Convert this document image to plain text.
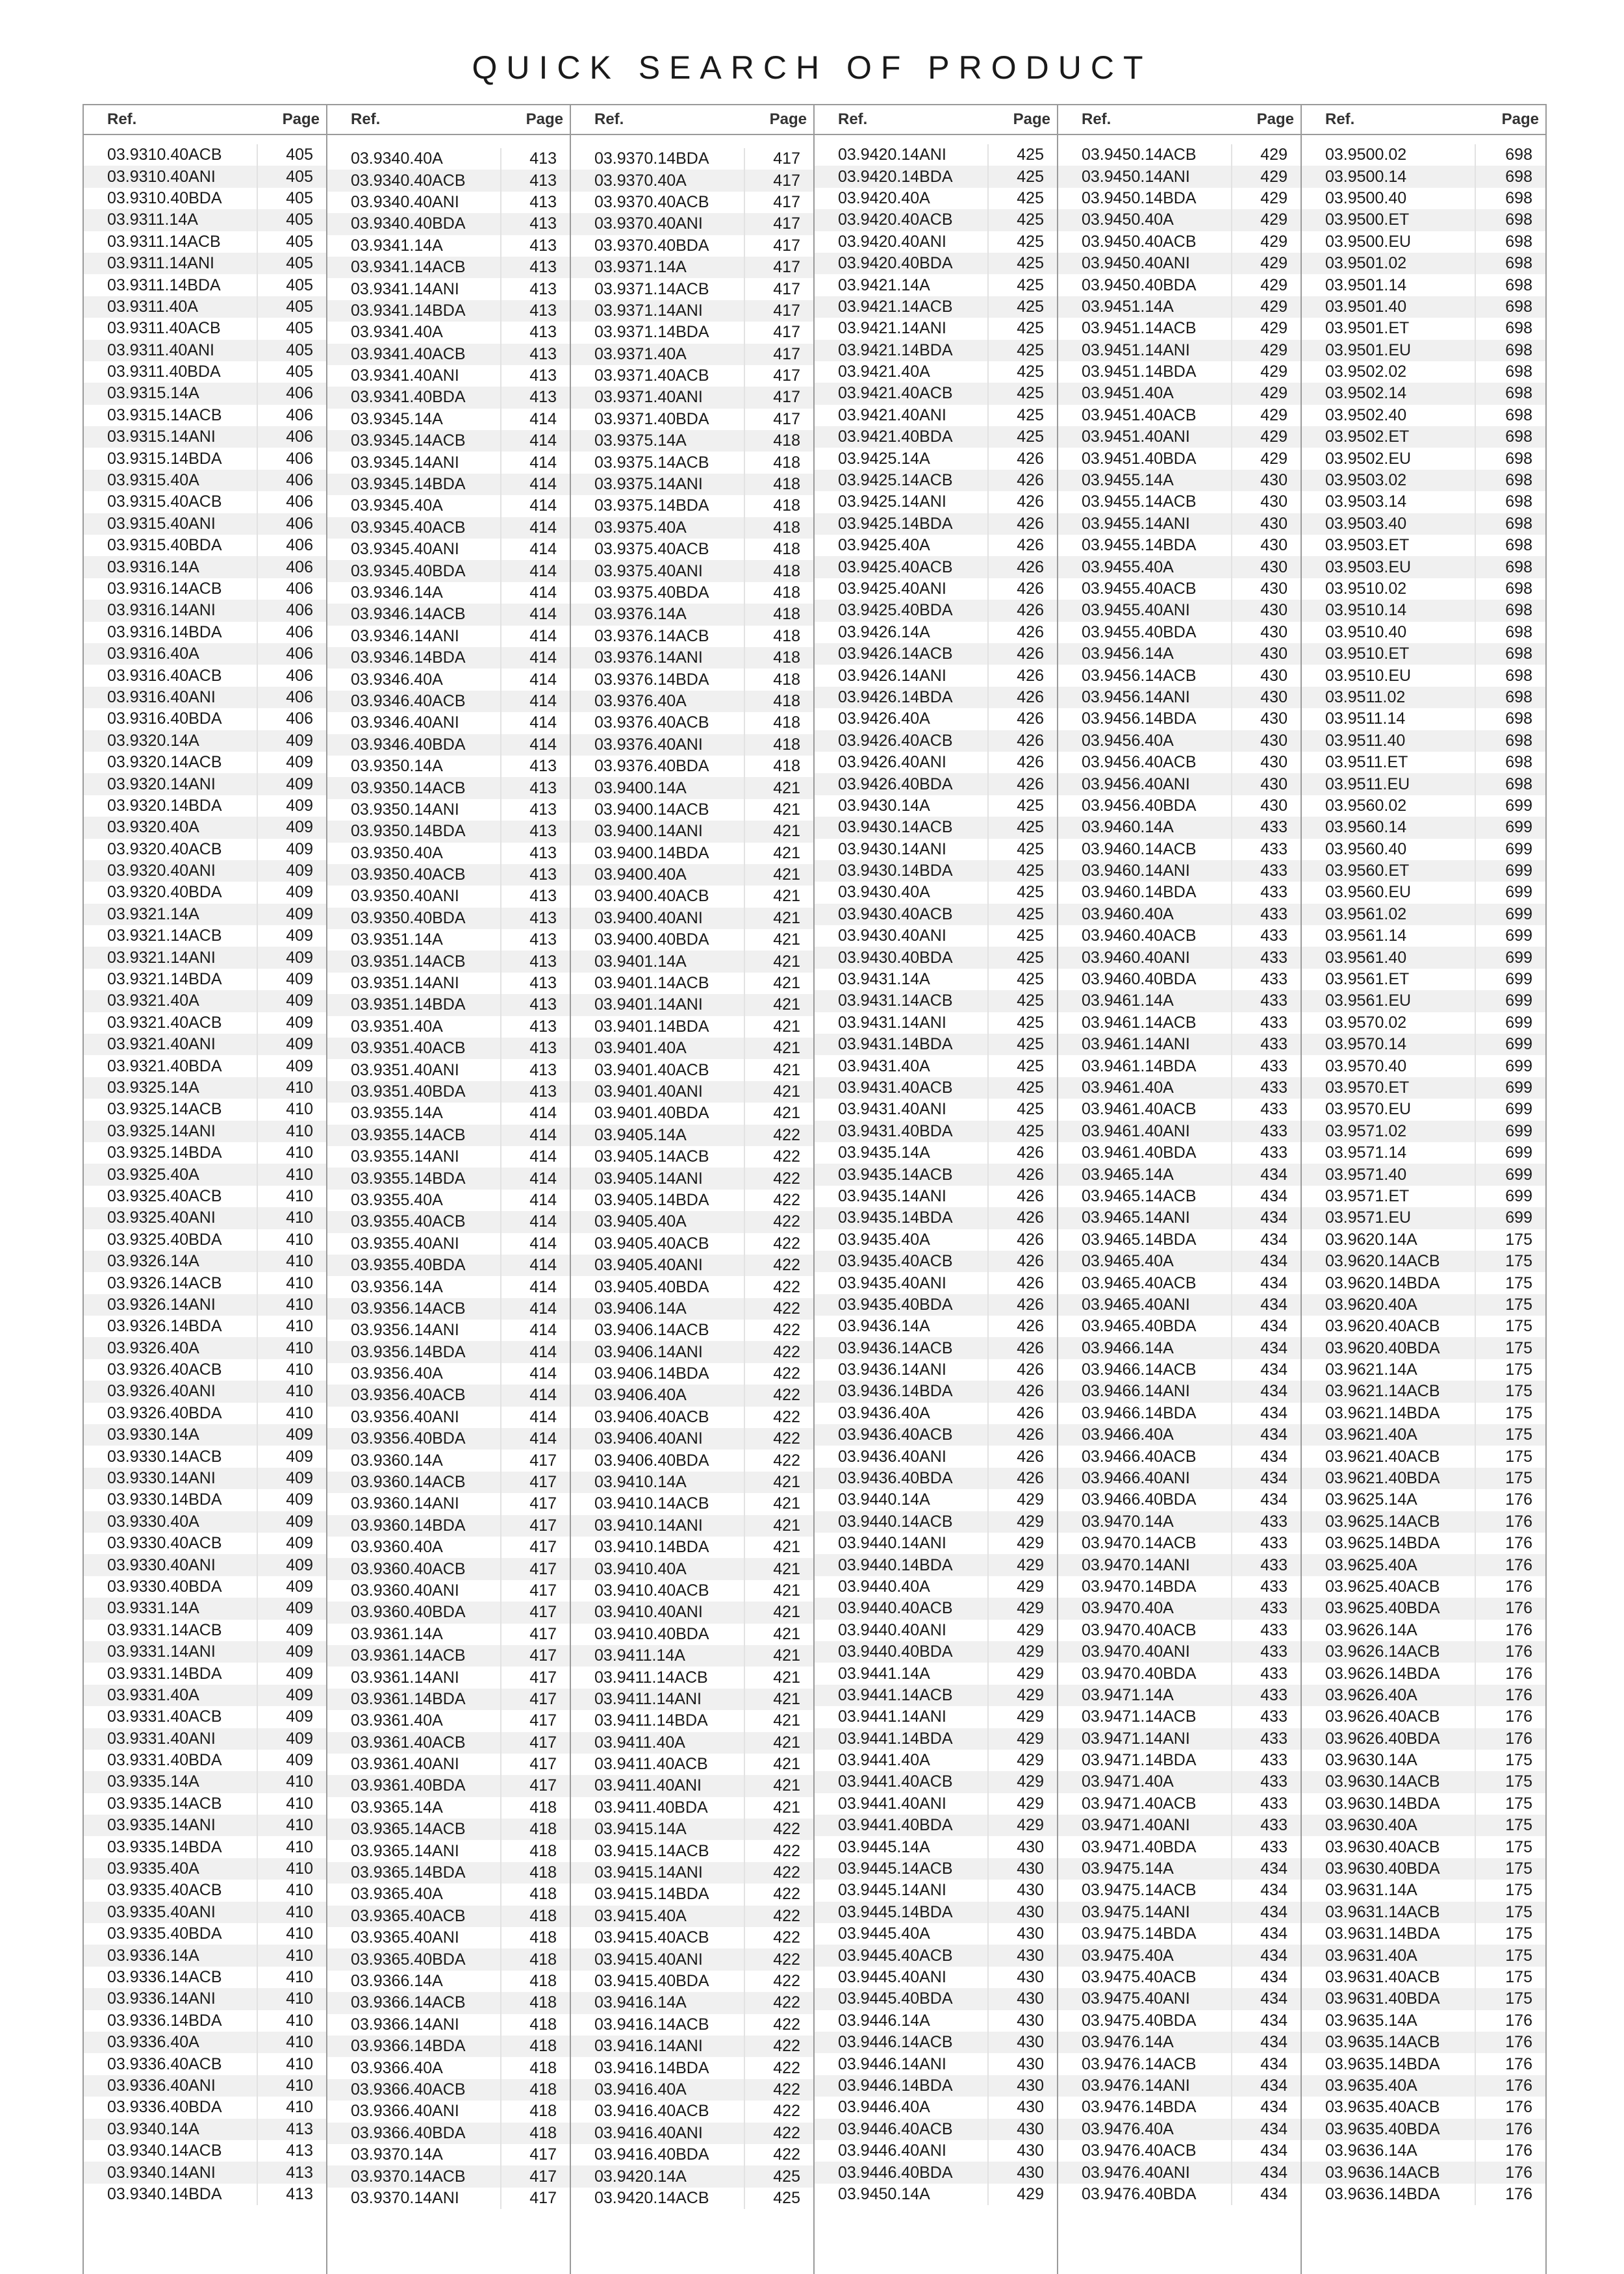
QUICK SEARCH OF PRODUCT
Ref.	Page
03.9310.40ACB	405
03.9310.40ANI	405
03.9310.40BDA	405
03.9311.14A	405
03.9311.14ACB	405
03.9311.14ANI	405
03.9311.14BDA	405
03.9311.40A	405
03.9311.40ACB	405
03.9311.40ANI	405
03.9311.40BDA	405
03.9315.14A	406
03.9315.14ACB	406
03.9315.14ANI	406
03.9315.14BDA	406
03.9315.40A	406
03.9315.40ACB	406
03.9315.40ANI	406
03.9315.40BDA	406
03.9316.14A	406
03.9316.14ACB	406
03.9316.14ANI	406
03.9316.14BDA	406
03.9316.40A	406
03.9316.40ACB	406
03.9316.40ANI	406
03.9316.40BDA	406
03.9320.14A	409
03.9320.14ACB	409
03.9320.14ANI	409
03.9320.14BDA	409
03.9320.40A	409
03.9320.40ACB	409
03.9320.40ANI	409
03.9320.40BDA	409
03.9321.14A	409
03.9321.14ACB	409
03.9321.14ANI	409
03.9321.14BDA	409
03.9321.40A	409
03.9321.40ACB	409
03.9321.40ANI	409
03.9321.40BDA	409
03.9325.14A	410
03.9325.14ACB	410
03.9325.14ANI	410
03.9325.14BDA	410
03.9325.40A	410
03.9325.40ACB	410
03.9325.40ANI	410
03.9325.40BDA	410
03.9326.14A	410
03.9326.14ACB	410
03.9326.14ANI	410
03.9326.14BDA	410
03.9326.40A	410
03.9326.40ACB	410
03.9326.40ANI	410
03.9326.40BDA	410
03.9330.14A	409
03.9330.14ACB	409
03.9330.14ANI	409
03.9330.14BDA	409
03.9330.40A	409
03.9330.40ACB	409
03.9330.40ANI	409
03.9330.40BDA	409
03.9331.14A	409
03.9331.14ACB	409
03.9331.14ANI	409
03.9331.14BDA	409
03.9331.40A	409
03.9331.40ACB	409
03.9331.40ANI	409
03.9331.40BDA	409
03.9335.14A	410
03.9335.14ACB	410
03.9335.14ANI	410
03.9335.14BDA	410
03.9335.40A	410
03.9335.40ACB	410
03.9335.40ANI	410
03.9335.40BDA	410
03.9336.14A	410
03.9336.14ACB	410
03.9336.14ANI	410
03.9336.14BDA	410
03.9336.40A	410
03.9336.40ACB	410
03.9336.40ANI	410
03.9336.40BDA	410
03.9340.14A	413
03.9340.14ACB	413
03.9340.14ANI	413
03.9340.14BDA	413
Ref.	Page
03.9340.40A	413
03.9340.40ACB	413
03.9340.40ANI	413
03.9340.40BDA	413
03.9341.14A	413
03.9341.14ACB	413
03.9341.14ANI	413
03.9341.14BDA	413
03.9341.40A	413
03.9341.40ACB	413
03.9341.40ANI	413
03.9341.40BDA	413
03.9345.14A	414
03.9345.14ACB	414
03.9345.14ANI	414
03.9345.14BDA	414
03.9345.40A	414
03.9345.40ACB	414
03.9345.40ANI	414
03.9345.40BDA	414
03.9346.14A	414
03.9346.14ACB	414
03.9346.14ANI	414
03.9346.14BDA	414
03.9346.40A	414
03.9346.40ACB	414
03.9346.40ANI	414
03.9346.40BDA	414
03.9350.14A	413
03.9350.14ACB	413
03.9350.14ANI	413
03.9350.14BDA	413
03.9350.40A	413
03.9350.40ACB	413
03.9350.40ANI	413
03.9350.40BDA	413
03.9351.14A	413
03.9351.14ACB	413
03.9351.14ANI	413
03.9351.14BDA	413
03.9351.40A	413
03.9351.40ACB	413
03.9351.40ANI	413
03.9351.40BDA	413
03.9355.14A	414
03.9355.14ACB	414
03.9355.14ANI	414
03.9355.14BDA	414
03.9355.40A	414
03.9355.40ACB	414
03.9355.40ANI	414
03.9355.40BDA	414
03.9356.14A	414
03.9356.14ACB	414
03.9356.14ANI	414
03.9356.14BDA	414
03.9356.40A	414
03.9356.40ACB	414
03.9356.40ANI	414
03.9356.40BDA	414
03.9360.14A	417
03.9360.14ACB	417
03.9360.14ANI	417
03.9360.14BDA	417
03.9360.40A	417
03.9360.40ACB	417
03.9360.40ANI	417
03.9360.40BDA	417
03.9361.14A	417
03.9361.14ACB	417
03.9361.14ANI	417
03.9361.14BDA	417
03.9361.40A	417
03.9361.40ACB	417
03.9361.40ANI	417
03.9361.40BDA	417
03.9365.14A	418
03.9365.14ACB	418
03.9365.14ANI	418
03.9365.14BDA	418
03.9365.40A	418
03.9365.40ACB	418
03.9365.40ANI	418
03.9365.40BDA	418
03.9366.14A	418
03.9366.14ACB	418
03.9366.14ANI	418
03.9366.14BDA	418
03.9366.40A	418
03.9366.40ACB	418
03.9366.40ANI	418
03.9366.40BDA	418
03.9370.14A	417
03.9370.14ACB	417
03.9370.14ANI	417
Ref.	Page
03.9370.14BDA	417
03.9370.40A	417
03.9370.40ACB	417
03.9370.40ANI	417
03.9370.40BDA	417
03.9371.14A	417
03.9371.14ACB	417
03.9371.14ANI	417
03.9371.14BDA	417
03.9371.40A	417
03.9371.40ACB	417
03.9371.40ANI	417
03.9371.40BDA	417
03.9375.14A	418
03.9375.14ACB	418
03.9375.14ANI	418
03.9375.14BDA	418
03.9375.40A	418
03.9375.40ACB	418
03.9375.40ANI	418
03.9375.40BDA	418
03.9376.14A	418
03.9376.14ACB	418
03.9376.14ANI	418
03.9376.14BDA	418
03.9376.40A	418
03.9376.40ACB	418
03.9376.40ANI	418
03.9376.40BDA	418
03.9400.14A	421
03.9400.14ACB	421
03.9400.14ANI	421
03.9400.14BDA	421
03.9400.40A	421
03.9400.40ACB	421
03.9400.40ANI	421
03.9400.40BDA	421
03.9401.14A	421
03.9401.14ACB	421
03.9401.14ANI	421
03.9401.14BDA	421
03.9401.40A	421
03.9401.40ACB	421
03.9401.40ANI	421
03.9401.40BDA	421
03.9405.14A	422
03.9405.14ACB	422
03.9405.14ANI	422
03.9405.14BDA	422
03.9405.40A	422
03.9405.40ACB	422
03.9405.40ANI	422
03.9405.40BDA	422
03.9406.14A	422
03.9406.14ACB	422
03.9406.14ANI	422
03.9406.14BDA	422
03.9406.40A	422
03.9406.40ACB	422
03.9406.40ANI	422
03.9406.40BDA	422
03.9410.14A	421
03.9410.14ACB	421
03.9410.14ANI	421
03.9410.14BDA	421
03.9410.40A	421
03.9410.40ACB	421
03.9410.40ANI	421
03.9410.40BDA	421
03.9411.14A	421
03.9411.14ACB	421
03.9411.14ANI	421
03.9411.14BDA	421
03.9411.40A	421
03.9411.40ACB	421
03.9411.40ANI	421
03.9411.40BDA	421
03.9415.14A	422
03.9415.14ACB	422
03.9415.14ANI	422
03.9415.14BDA	422
03.9415.40A	422
03.9415.40ACB	422
03.9415.40ANI	422
03.9415.40BDA	422
03.9416.14A	422
03.9416.14ACB	422
03.9416.14ANI	422
03.9416.14BDA	422
03.9416.40A	422
03.9416.40ACB	422
03.9416.40ANI	422
03.9416.40BDA	422
03.9420.14A	425
03.9420.14ACB	425
Ref.	Page
03.9420.14ANI	425
03.9420.14BDA	425
03.9420.40A	425
03.9420.40ACB	425
03.9420.40ANI	425
03.9420.40BDA	425
03.9421.14A	425
03.9421.14ACB	425
03.9421.14ANI	425
03.9421.14BDA	425
03.9421.40A	425
03.9421.40ACB	425
03.9421.40ANI	425
03.9421.40BDA	425
03.9425.14A	426
03.9425.14ACB	426
03.9425.14ANI	426
03.9425.14BDA	426
03.9425.40A	426
03.9425.40ACB	426
03.9425.40ANI	426
03.9425.40BDA	426
03.9426.14A	426
03.9426.14ACB	426
03.9426.14ANI	426
03.9426.14BDA	426
03.9426.40A	426
03.9426.40ACB	426
03.9426.40ANI	426
03.9426.40BDA	426
03.9430.14A	425
03.9430.14ACB	425
03.9430.14ANI	425
03.9430.14BDA	425
03.9430.40A	425
03.9430.40ACB	425
03.9430.40ANI	425
03.9430.40BDA	425
03.9431.14A	425
03.9431.14ACB	425
03.9431.14ANI	425
03.9431.14BDA	425
03.9431.40A	425
03.9431.40ACB	425
03.9431.40ANI	425
03.9431.40BDA	425
03.9435.14A	426
03.9435.14ACB	426
03.9435.14ANI	426
03.9435.14BDA	426
03.9435.40A	426
03.9435.40ACB	426
03.9435.40ANI	426
03.9435.40BDA	426
03.9436.14A	426
03.9436.14ACB	426
03.9436.14ANI	426
03.9436.14BDA	426
03.9436.40A	426
03.9436.40ACB	426
03.9436.40ANI	426
03.9436.40BDA	426
03.9440.14A	429
03.9440.14ACB	429
03.9440.14ANI	429
03.9440.14BDA	429
03.9440.40A	429
03.9440.40ACB	429
03.9440.40ANI	429
03.9440.40BDA	429
03.9441.14A	429
03.9441.14ACB	429
03.9441.14ANI	429
03.9441.14BDA	429
03.9441.40A	429
03.9441.40ACB	429
03.9441.40ANI	429
03.9441.40BDA	429
03.9445.14A	430
03.9445.14ACB	430
03.9445.14ANI	430
03.9445.14BDA	430
03.9445.40A	430
03.9445.40ACB	430
03.9445.40ANI	430
03.9445.40BDA	430
03.9446.14A	430
03.9446.14ACB	430
03.9446.14ANI	430
03.9446.14BDA	430
03.9446.40A	430
03.9446.40ACB	430
03.9446.40ANI	430
03.9446.40BDA	430
03.9450.14A	429
Ref.	Page
03.9450.14ACB	429
03.9450.14ANI	429
03.9450.14BDA	429
03.9450.40A	429
03.9450.40ACB	429
03.9450.40ANI	429
03.9450.40BDA	429
03.9451.14A	429
03.9451.14ACB	429
03.9451.14ANI	429
03.9451.14BDA	429
03.9451.40A	429
03.9451.40ACB	429
03.9451.40ANI	429
03.9451.40BDA	429
03.9455.14A	430
03.9455.14ACB	430
03.9455.14ANI	430
03.9455.14BDA	430
03.9455.40A	430
03.9455.40ACB	430
03.9455.40ANI	430
03.9455.40BDA	430
03.9456.14A	430
03.9456.14ACB	430
03.9456.14ANI	430
03.9456.14BDA	430
03.9456.40A	430
03.9456.40ACB	430
03.9456.40ANI	430
03.9456.40BDA	430
03.9460.14A	433
03.9460.14ACB	433
03.9460.14ANI	433
03.9460.14BDA	433
03.9460.40A	433
03.9460.40ACB	433
03.9460.40ANI	433
03.9460.40BDA	433
03.9461.14A	433
03.9461.14ACB	433
03.9461.14ANI	433
03.9461.14BDA	433
03.9461.40A	433
03.9461.40ACB	433
03.9461.40ANI	433
03.9461.40BDA	433
03.9465.14A	434
03.9465.14ACB	434
03.9465.14ANI	434
03.9465.14BDA	434
03.9465.40A	434
03.9465.40ACB	434
03.9465.40ANI	434
03.9465.40BDA	434
03.9466.14A	434
03.9466.14ACB	434
03.9466.14ANI	434
03.9466.14BDA	434
03.9466.40A	434
03.9466.40ACB	434
03.9466.40ANI	434
03.9466.40BDA	434
03.9470.14A	433
03.9470.14ACB	433
03.9470.14ANI	433
03.9470.14BDA	433
03.9470.40A	433
03.9470.40ACB	433
03.9470.40ANI	433
03.9470.40BDA	433
03.9471.14A	433
03.9471.14ACB	433
03.9471.14ANI	433
03.9471.14BDA	433
03.9471.40A	433
03.9471.40ACB	433
03.9471.40ANI	433
03.9471.40BDA	433
03.9475.14A	434
03.9475.14ACB	434
03.9475.14ANI	434
03.9475.14BDA	434
03.9475.40A	434
03.9475.40ACB	434
03.9475.40ANI	434
03.9475.40BDA	434
03.9476.14A	434
03.9476.14ACB	434
03.9476.14ANI	434
03.9476.14BDA	434
03.9476.40A	434
03.9476.40ACB	434
03.9476.40ANI	434
03.9476.40BDA	434
Ref.	Page
03.9500.02	698
03.9500.14	698
03.9500.40	698
03.9500.ET	698
03.9500.EU	698
03.9501.02	698
03.9501.14	698
03.9501.40	698
03.9501.ET	698
03.9501.EU	698
03.9502.02	698
03.9502.14	698
03.9502.40	698
03.9502.ET	698
03.9502.EU	698
03.9503.02	698
03.9503.14	698
03.9503.40	698
03.9503.ET	698
03.9503.EU	698
03.9510.02	698
03.9510.14	698
03.9510.40	698
03.9510.ET	698
03.9510.EU	698
03.9511.02	698
03.9511.14	698
03.9511.40	698
03.9511.ET	698
03.9511.EU	698
03.9560.02	699
03.9560.14	699
03.9560.40	699
03.9560.ET	699
03.9560.EU	699
03.9561.02	699
03.9561.14	699
03.9561.40	699
03.9561.ET	699
03.9561.EU	699
03.9570.02	699
03.9570.14	699
03.9570.40	699
03.9570.ET	699
03.9570.EU	699
03.9571.02	699
03.9571.14	699
03.9571.40	699
03.9571.ET	699
03.9571.EU	699
03.9620.14A	175
03.9620.14ACB	175
03.9620.14BDA	175
03.9620.40A	175
03.9620.40ACB	175
03.9620.40BDA	175
03.9621.14A	175
03.9621.14ACB	175
03.9621.14BDA	175
03.9621.40A	175
03.9621.40ACB	175
03.9621.40BDA	175
03.9625.14A	176
03.9625.14ACB	176
03.9625.14BDA	176
03.9625.40A	176
03.9625.40ACB	176
03.9625.40BDA	176
03.9626.14A	176
03.9626.14ACB	176
03.9626.14BDA	176
03.9626.40A	176
03.9626.40ACB	176
03.9626.40BDA	176
03.9630.14A	175
03.9630.14ACB	175
03.9630.14BDA	175
03.9630.40A	175
03.9630.40ACB	175
03.9630.40BDA	175
03.9631.14A	175
03.9631.14ACB	175
03.9631.14BDA	175
03.9631.40A	175
03.9631.40ACB	175
03.9631.40BDA	175
03.9635.14A	176
03.9635.14ACB	176
03.9635.14BDA	176
03.9635.40A	176
03.9635.40ACB	176
03.9635.40BDA	176
03.9636.14A	176
03.9636.14ACB	176
03.9636.14BDA	176
